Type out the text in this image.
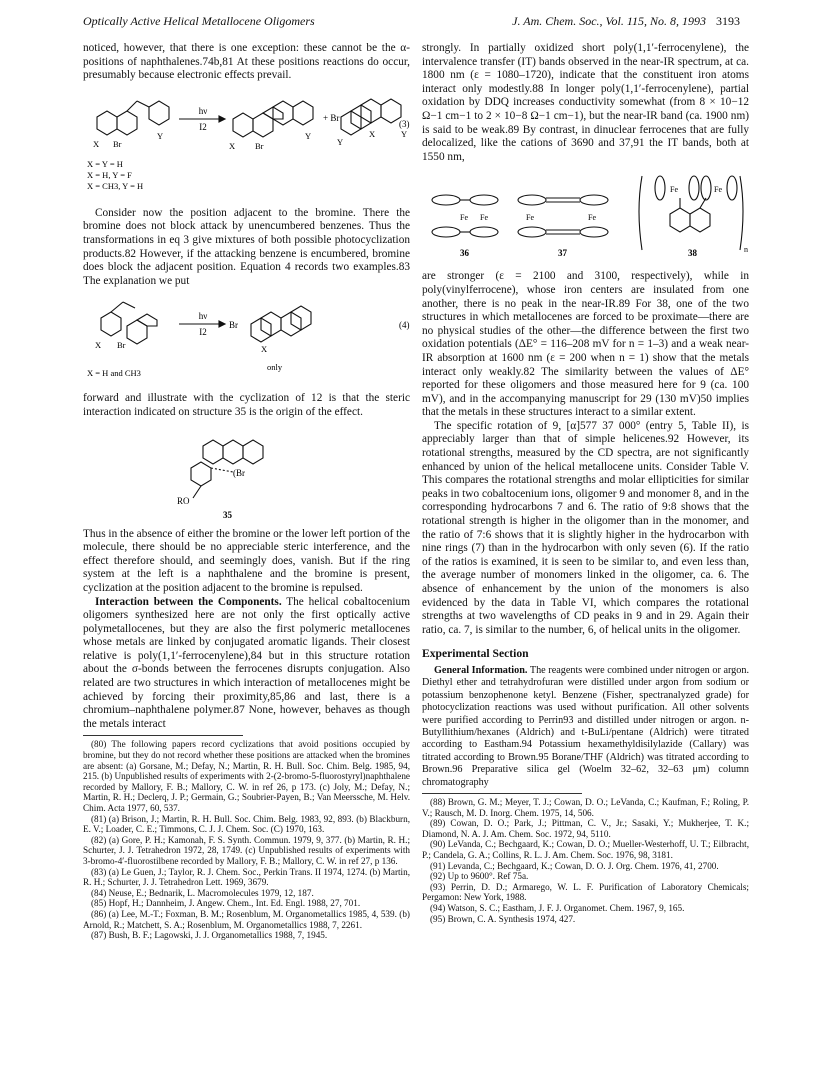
Optically Active Helical Metallocene Oligomers	J. Am. Chem. Soc., Vol. 115, No. 8, 1993 3193

noticed, however, that there is one exception: these cannot be the α-positions of naphthalenes.74b,81 At these positions reactions do occur, presumably because electronic effects prevail.

hν
I2
+ Br
(3)
X Br
Y
X Br
Y
Y
X	Y
X = Y = H
X = H, Y = F
X = CH3, Y = H

Consider now the position adjacent to the bromine. There the bromine does not block attack by unencumbered benzenes. Thus the transformations in eq 3 give mixtures of both possible photocyclization products.82 However, if the attacking benzene is encumbered, bromine does block the adjacent position. Equation 4 records two examples.83 The explanation we put

hν
I2
Br	(4)
X Br	X
X = H and CH3
only

forward and illustrate with the cyclization of 12 is that the steric interaction indicated on structure 35 is the origin of the effect.

(Br
RO
35

Thus in the absence of either the bromine or the lower left portion of the molecule, there should be no appreciable steric interference, and the effect therefore should, and seemingly does, vanish. But if the ring system at the left is a naphthalene and the bromine is present, cyclization at the position adjacent to the bromine is repulsed.

Interaction between the Components. The helical cobaltocenium oligomers synthesized here are not only the first optically active polymetallocenes, but they are also the first polymeric metallocenes whose metals are linked by conjugated aromatic ligands. Their closest relative is poly(1,1′-ferrocenylene),84 but in this structure rotation about the σ-bonds between the ferrocenes disrupts conjugation. Also related are two structures in which interaction of metallocenes might be achieved by forcing their proximity,85,86 and last, there is a chromium–naphthalene polymer.87 None, however, behaves as though the metals interact

(80) The following papers record cyclizations that avoid positions occupied by bromine, but they do not record whether these positions are attacked when the bromines are absent: (a) Gorsane, M.; Defay, N.; Martin, R. H. Bull. Soc. Chim. Belg. 1985, 94, 215. (b) Unpublished results of experiments with 2-(2-bromo-5-fluorostyryl)naphthalene recorded by Mallory, F. B.; Mallory, C. W. in ref 26, p 173. (c) Joly, M.; Defay, N.; Martin, R. H.; Declerq, J. P.; Germain, G.; Soubrier-Payen, B.; Van Meerssche, M. Helv. Chim. Acta 1977, 60, 537.
(81) (a) Brison, J.; Martin, R. H. Bull. Soc. Chim. Belg. 1983, 92, 893. (b) Blackburn, E. V.; Loader, C. E.; Timmons, C. J. J. Chem. Soc. (C) 1970, 163.
(82) (a) Gore, P. H.; Kamonah, F. S. Synth. Commun. 1979, 9, 377. (b) Martin, R. H.; Schurter, J. J. Tetrahedron 1972, 28, 1749. (c) Unpublished results of experiments with 3-bromo-4′-fluorostilbene recorded by Mallory, F. B.; Mallory, C. W. in ref 27, p 136.
(83) (a) Le Guen, J.; Taylor, R. J. Chem. Soc., Perkin Trans. II 1974, 1274. (b) Martin, R. H.; Schurter, J. J. Tetrahedron Lett. 1969, 3679.
(84) Neuse, E.; Bednarik, L. Macromolecules 1979, 12, 187.
(85) Hopf, H.; Dannheim, J. Angew. Chem., Int. Ed. Engl. 1988, 27, 701.
(86) (a) Lee, M.-T.; Foxman, B. M.; Rosenblum, M. Organometallics 1985, 4, 539. (b) Arnold, R.; Matchett, S. A.; Rosenblum, M. Organometallics 1988, 7, 2261.
(87) Bush, B. F.; Lagowski, J. J. Organometallics 1988, 7, 1945.

strongly. In partially oxidized short poly(1,1′-ferrocenylene), the intervalence transfer (IT) bands observed in the near-IR spectrum, at ca. 1800 nm (ε = 1080–1720), indicate that the constituent iron atoms interact only modestly.88 In longer poly(1,1′-ferrocenylene), partial oxidation by DDQ increases conductivity somewhat (from 8 × 10−12 Ω−1 cm−1 to 2 × 10−8 Ω−1 cm−1), but the near-IR band (ca. 1900 nm) is said to be weak.89 By contrast, in dinuclear ferrocenes that are fully delocalized, like the cations of 3690 and 37,91 the IT bands, both at 1550 nm,

Fe Fe	Fe	Fe
Fe	Fe
36	37	38	n

are stronger (ε = 2100 and 3100, respectively), while in poly(vinylferrocene), whose iron centers are insulated from one another, there is no peak in the near-IR.89 For 38, one of the two structures in which metallocenes are forced to be proximate—there are no physical studies of the other—the difference between the first two oxidation potentials (ΔE° = 116–208 mV for n = 1–3) and a weak near-IR absorption at 1600 nm (ε = 200 when n = 1) show that the metals interact only weakly.82 The similarity between the values of ΔE° reported for these oligomers and those measured here for 9 (ca. 100 mV), and in the accompanying manuscript for 29 (130 mV)50 implies that the metals in these structures interact to a similar extent.

The specific rotation of 9, [α]577 37 000° (entry 5, Table II), is appreciably larger than that of simple helicenes.92 However, its rotational strengths, measured by the CD spectra, are not significantly enhanced by union of the helical metallocene units. Consider Table V. This compares the rotational strengths and molar ellipticities for similar peaks in two cobaltocenium ions, oligomer 9 and monomer 8, and in the corresponding hydrocarbons 7 and 6. The ratio of 9:8 shows that the rotational strength is higher in the oligomer than in the monomer, and the ratio of 7:6 shows that it is slightly higher in the hydrocarbon with nine rings (7) than in the hydrocarbon with only seven (6). If the ratio of the ratios is examined, it is seen to be similar to, and even less than, the average number of monomers linked in the oligomer, ca. 6. The absence of enhancement by the union of the monomers is also evidenced by the data in Table VI, which compares the rotational strengths at two wavelengths of CD peaks in 9 and in 29. Again their ratio, ca. 7, is similar to the number, 6, of helical units in the oligomer.

Experimental Section

General Information. The reagents were combined under nitrogen or argon. Diethyl ether and tetrahydrofuran were distilled under argon from sodium or potassium benzophenone ketyl. Benzene (Fisher, spectranalyzed grade) for photocyclization reactions was used without purification. All other solvents were purified according to Perrin93 and distilled under nitrogen or argon. n-Butyllithium/hexanes (Aldrich) and t-BuLi/pentane (Aldrich) were titrated according to Eastham.94 Potassium hexamethyldisilylazide (Callary) was titrated according to Brown.95 Borane/THF (Aldrich) was titrated according to Brown.96 Preparative silica gel (Woelm 32–62, 32–63 μm) column chromatography

(88) Brown, G. M.; Meyer, T. J.; Cowan, D. O.; LeVanda, C.; Kaufman, F.; Roling, P. V.; Rausch, M. D. Inorg. Chem. 1975, 14, 506.
(89) Cowan, D. O.; Park, J.; Pittman, C. V., Jr.; Sasaki, Y.; Mukherjee, T. K.; Diamond, N. A. J. Am. Chem. Soc. 1972, 94, 5110.
(90) LeVanda, C.; Bechgaard, K.; Cowan, D. O.; Mueller-Westerhoff, U. T.; Eilbracht, P.; Candela, G. A.; Collins, R. L. J. Am. Chem. Soc. 1976, 98, 3181.
(91) Levanda, C.; Bechgaard, K.; Cowan, D. O. J. Org. Chem. 1976, 41, 2700.
(92) Up to 9600°. Ref 75a.
(93) Perrin, D. D.; Armarego, W. L. F. Purification of Laboratory Chemicals; Pergamon: New York, 1988.
(94) Watson, S. C.; Eastham, J. F. J. Organomet. Chem. 1967, 9, 165.
(95) Brown, C. A. Synthesis 1974, 427.
